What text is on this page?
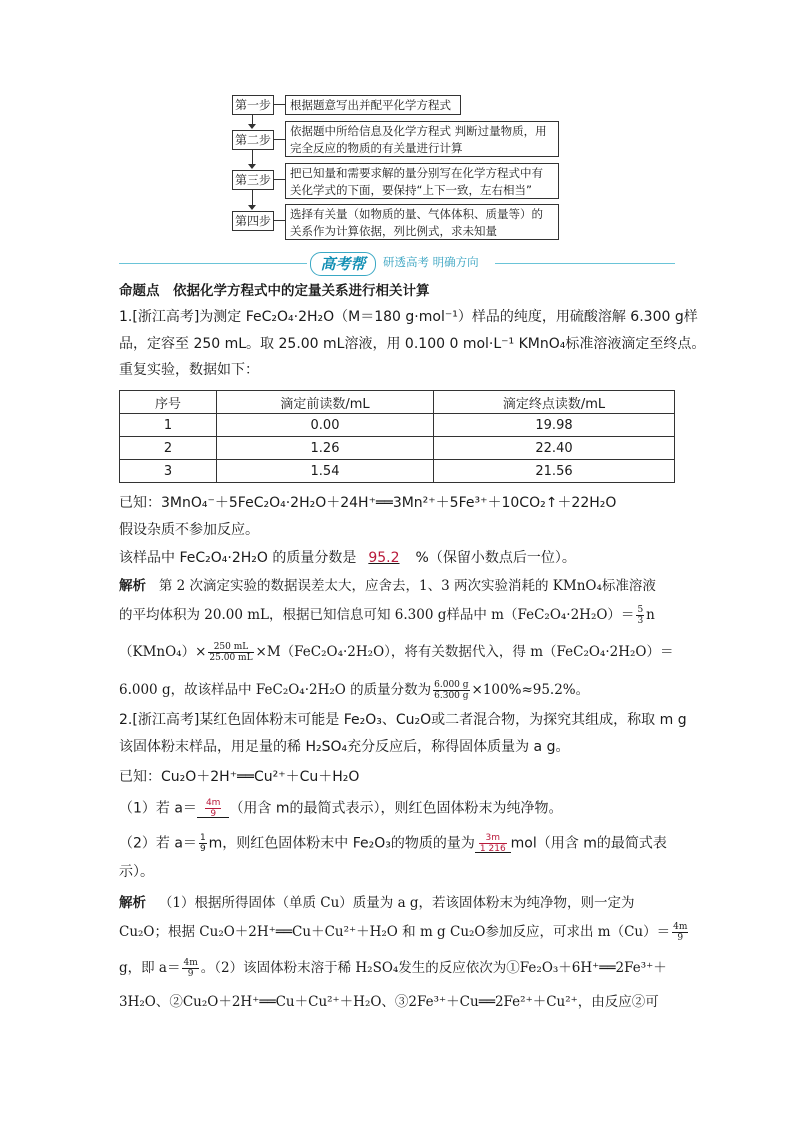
第一步	根据题意写出并配平化学方程式
第二步
依据题中所给信息及化学方程式 判断过量物质，用完全反应的物质的有关量进行计算
第三步	把已知量和需要求解的量分别写在化学方程式中有关化学式的下面，要保持“上下一致，左右相当”
第四步	选择有关量（如物质的量、气体体积、质量等）的关系作为计算依据，列比例式，求未知量
高考帮	研透高考 明确方向
命题点　依据化学方程式中的定量关系进行相关计算
1.[浙江高考]为测定 FeC₂O₄·2H₂O（M＝180 g·mol⁻¹）样品的纯度，用硫酸溶解 6.300 g样
品，定容至 250 mL。取 25.00 mL溶液，用 0.100 0 mol·L⁻¹ KMnO₄标准溶液滴定至终点。
重复实验，数据如下：
序号	滴定前读数/mL	滴定终点读数/mL
1	0.00	19.98
2	1.26	22.40
3	1.54	21.56
已知：3MnO₄⁻＋5FeC₂O₄·2H₂O＋24H⁺══3Mn²⁺＋5Fe³⁺＋10CO₂↑＋22H₂O
假设杂质不参加反应。
该样品中 FeC₂O₄·2H₂O 的质量分数是 95.2 %（保留小数点后一位）。
解析 第 2 次滴定实验的数据误差太大，应舍去，1、3 两次实验消耗的 KMnO₄标准溶液
的平均体积为 20.00 mL，根据已知信息可知 6.300 g样品中 $m(FeC_2O_4\cdot 2H_2O)= \frac{5}{3}$ n
（KMnO₄）× $\frac{250 mL}{25.00 mL} \times M(FeC_2O_4\cdot 2H_2O)$，将有关数据代入，得 m（FeC₂O₄·2H₂O）＝
6.000 g，故该样品中 FeC₂O₄·2H₂O 的质量分数为 $\frac{6.000 g}{6.300 g} \times 100\%\approx 95.2\%$。
2.[浙江高考]某红色固体粉末可能是 Fe₂O₃、Cu₂O或二者混合物，为探究其组成，称取 m g
该固体粉末样品，用足量的稀 H₂SO₄充分反应后，称得固体质量为 a g。
已知：Cu₂O＋2H⁺══Cu²⁺＋Cu＋H₂O
（1）若 $a= \frac{4m}{9}$ （用含 m的最简式表示），则红色固体粉末为纯净物。
（2）若 $a= \frac{1}{9}$ m，则红色固体粉末中 Fe₂O₃的物质的量为 $\frac{3m}{1 216} mol$（用含 m的最简式表
示）。
解析 （1）根据所得固体（单质 Cu）质量为 a g，若该固体粉末为纯净物，则一定为
Cu₂O；根据 Cu₂O＋2H⁺══Cu＋Cu²⁺＋H₂O 和 m g Cu₂O参加反应，可求出 $m(Cu)= \frac{4m}{9}$
g，即 $a= \frac{4m}{9}$ 。（2）该固体粉末溶于稀 H₂SO₄发生的反应依次为①Fe₂O₃＋6H⁺══2Fe³⁺＋
3H₂O、②Cu₂O＋2H⁺══Cu＋Cu²⁺＋H₂O、③2Fe³⁺＋Cu══2Fe²⁺＋Cu²⁺，由反应②可
